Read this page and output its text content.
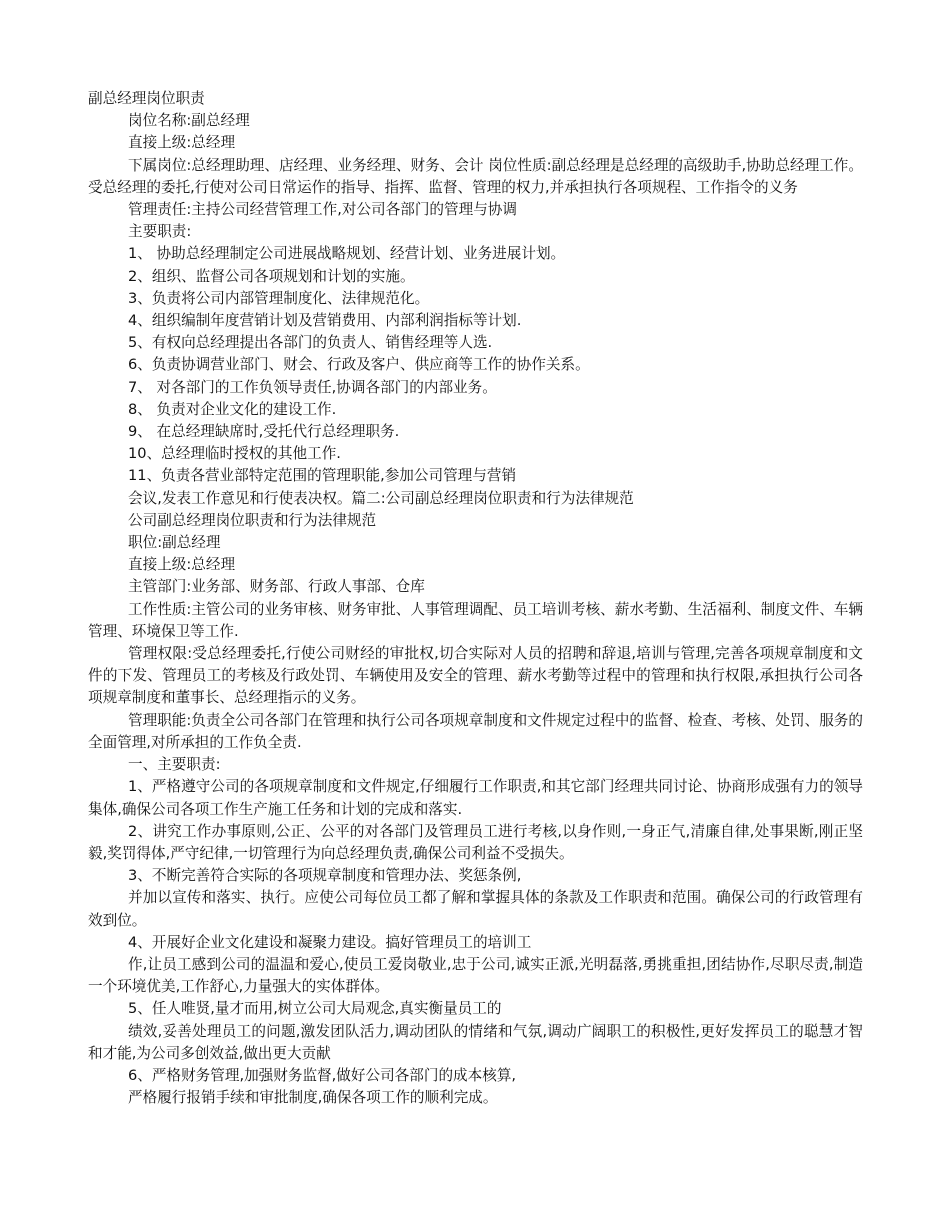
副总经理岗位职责
岗位名称:副总经理
直接上级:总经理
下属岗位:总经理助理、店经理、业务经理、财务、会计 岗位性质:副总经理是总经理的高级助手,协助总经理工作。受总经理的委托,行使对公司日常运作的指导、指挥、监督、管理的权力,并承担执行各项规程、工作指令的义务
管理责任:主持公司经营管理工作,对公司各部门的管理与协调
主要职责:
1、 协助总经理制定公司进展战略规划、经营计划、业务进展计划。
2、组织、监督公司各项规划和计划的实施。
3、负责将公司内部管理制度化、法律规范化。
4、组织编制年度营销计划及营销费用、内部利润指标等计划.
5、有权向总经理提出各部门的负责人、销售经理等人选.
6、负责协调营业部门、财会、行政及客户、供应商等工作的协作关系。
7、 对各部门的工作负领导责任,协调各部门的内部业务。
8、 负责对企业文化的建设工作.
9、 在总经理缺席时,受托代行总经理职务.
10、总经理临时授权的其他工作.
11、负责各营业部特定范围的管理职能,参加公司管理与营销
会议,发表工作意见和行使表决权。篇二:公司副总经理岗位职责和行为法律规范
公司副总经理岗位职责和行为法律规范
职位:副总经理
直接上级:总经理
主管部门:业务部、财务部、行政人事部、仓库
工作性质:主管公司的业务审核、财务审批、人事管理调配、员工培训考核、薪水考勤、生活福利、制度文件、车辆管理、环境保卫等工作.
管理权限:受总经理委托,行使公司财经的审批权,切合实际对人员的招聘和辞退,培训与管理,完善各项规章制度和文件的下发、管理员工的考核及行政处罚、车辆使用及安全的管理、薪水考勤等过程中的管理和执行权限,承担执行公司各项规章制度和董事长、总经理指示的义务。
管理职能:负责全公司各部门在管理和执行公司各项规章制度和文件规定过程中的监督、检查、考核、处罚、服务的全面管理,对所承担的工作负全责.
一、主要职责:
1、严格遵守公司的各项规章制度和文件规定,仔细履行工作职责,和其它部门经理共同讨论、协商形成强有力的领导集体,确保公司各项工作生产施工任务和计划的完成和落实.
2、讲究工作办事原则,公正、公平的对各部门及管理员工进行考核,以身作则,一身正气,清廉自律,处事果断,刚正坚毅,奖罚得体,严守纪律,一切管理行为向总经理负责,确保公司利益不受损失。
3、不断完善符合实际的各项规章制度和管理办法、奖惩条例,
并加以宣传和落实、执行。应使公司每位员工都了解和掌握具体的条款及工作职责和范围。确保公司的行政管理有效到位。
4、开展好企业文化建设和凝聚力建设。搞好管理员工的培训工
作,让员工感到公司的温温和爱心,使员工爱岗敬业,忠于公司,诚实正派,光明磊落,勇挑重担,团结协作,尽职尽责,制造一个环境优美,工作舒心,力量强大的实体群体。
5、任人唯贤,量才而用,树立公司大局观念,真实衡量员工的
绩效,妥善处理员工的问题,激发团队活力,调动团队的情绪和气氛,调动广阔职工的积极性,更好发挥员工的聪慧才智和才能,为公司多创效益,做出更大贡献
6、严格财务管理,加强财务监督,做好公司各部门的成本核算,
严格履行报销手续和审批制度,确保各项工作的顺利完成。
